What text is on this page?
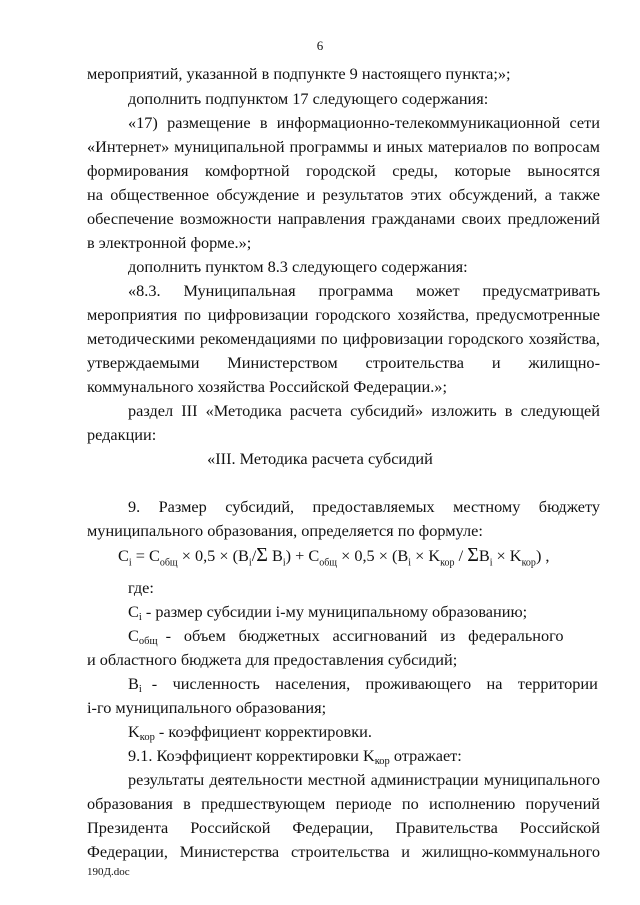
6
мероприятий, указанной в подпункте 9 настоящего пункта;»;
дополнить подпунктом 17 следующего содержания:
«17) размещение в информационно-телекоммуникационной сети
«Интернет» муниципальной программы и иных материалов по вопросам
формирования комфортной городской среды, которые выносятся
на общественное обсуждение и результатов этих обсуждений, а также
обеспечение возможности направления гражданами своих предложений
в электронной форме.»;
дополнить пунктом 8.3 следующего содержания:
«8.3. Муниципальная программа может предусматривать
мероприятия по цифровизации городского хозяйства, предусмотренные
методическими рекомендациями по цифровизации городского хозяйства,
утверждаемыми Министерством строительства и жилищно-
коммунального хозяйства Российской Федерации.»;
раздел III «Методика расчета субсидий» изложить в следующей
редакции:
«III. Методика расчета субсидий
9. Размер субсидий, предоставляемых местному бюджету
муниципального образования, определяется по формуле:
$C_i = C_{общ} \times 0,5 \times (B_i/\Sigma$ $B_i) + C_{общ} \times 0,5 \times (B_i \times K_{кор} / \Sigma B_i \times K_{кор})$ ,
где:
$C_i$ - размер субсидии i-му муниципальному образованию;
$C_{общ}$ - объем бюджетных ассигнований из федерального
и областного бюджета для предоставления субсидий;
$B_i$ - численность населения, проживающего на территории
i-го муниципального образования;
$K_{кор}$ - коэффициент корректировки.
9.1. Коэффициент корректировки $K_{кор}$ отражает:
результаты деятельности местной администрации муниципального
образования в предшествующем периоде по исполнению поручений
Президента Российской Федерации, Правительства Российской
Федерации, Министерства строительства и жилищно-коммунального
190Д.doc
